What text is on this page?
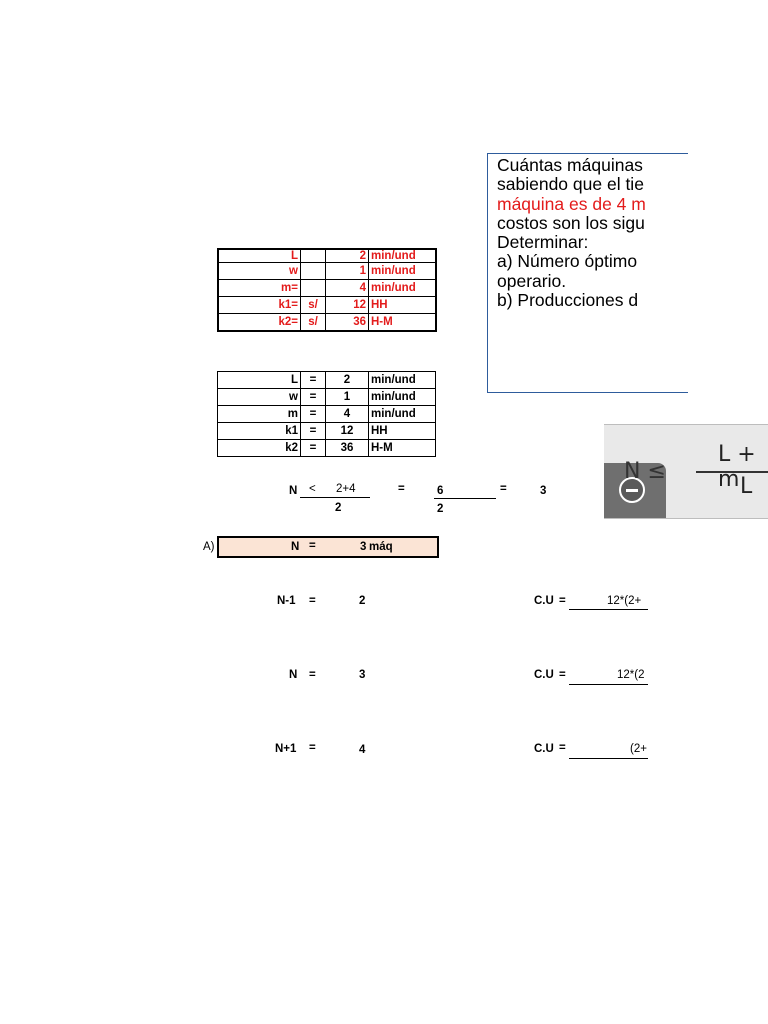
Cuántas máquinas
sabiendo que el tie
máquina es de 4 m
costos son los sigu
Determinar:
a) Número óptimo
operario.
b) Producciones d
N ≤
L + m L
L		2	min/und
w		1	min/und
m=		4	min/und
k1=	s/	12	HH
k2=	s/	36	H-M
L	=	2	min/und
w	=	1	min/und
m	=	4	min/und
k1	=	12	HH
k2	=	36	H-M
N < 2+4
2
=	6
2
=	3
A)	N =	3 máq
N-1 =	2	C.U =	12*(2+
N =	3	C.U =	12*(2
N+1 =	4	C.U =	(2+
